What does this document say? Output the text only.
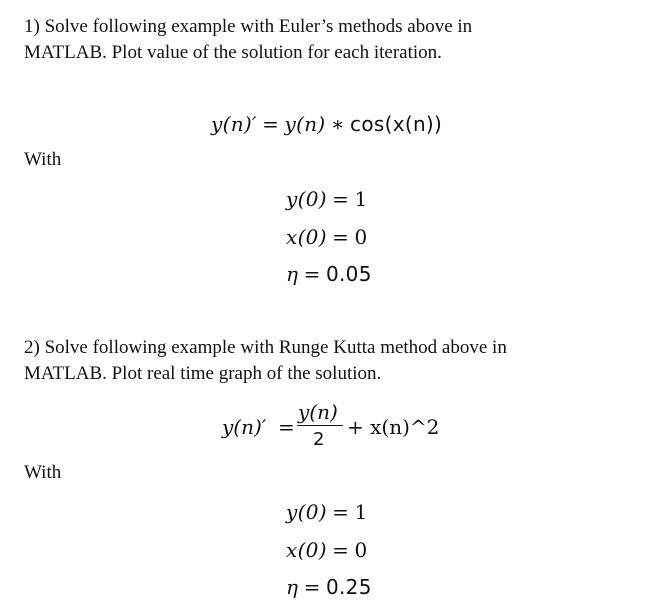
1) Solve following example with Euler’s methods above in
MATLAB. Plot value of the solution for each iteration.
y(n)′ = y(n) ∗ cos(x(n))
With
y(0) = 1
x(0) = 0
η = 0.05
2) Solve following example with Runge Kutta method above in
MATLAB. Plot real time graph of the solution.
y(n)′ =
y(n)
2
+ x(n)^2
With
y(0) = 1
x(0) = 0
η = 0.25
